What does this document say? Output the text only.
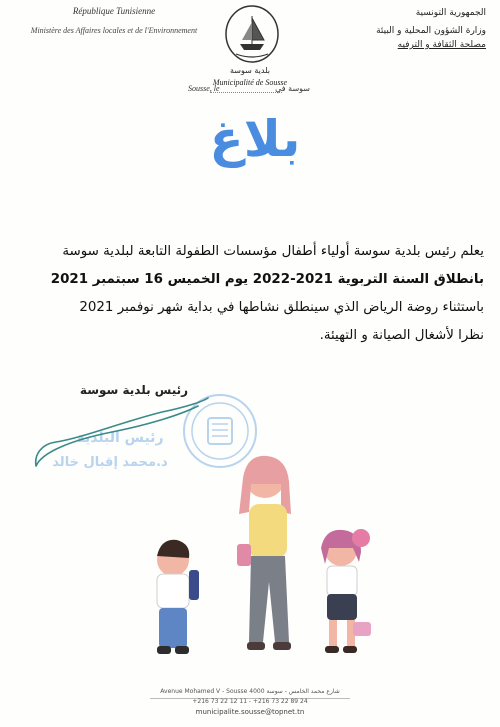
République Tunisienne
Ministère des Affaires locales et de l'Environnement
بلدية سوسة
Municipalité de Sousse
الجمهورية التونسية
وزارة الشؤون المحلية و البيئة
مصلحة الثقافة و الترفيه
Sousse, le	سوسة في
بلاغ
يعلم رئيس بلدية سوسة أولياء أطفال مؤسسات الطفولة التابعة لبلدية سوسة
بانطلاق السنة التربوية 2021-2022 يوم الخميس 16 سبتمبر 2021
باستثناء روضة الرياض الذي سينطلق نشاطها في بداية شهر نوفمبر 2021
نظرا لأشغال الصيانة و التهيئة.
رئيس بلدية سوسة
رئيس البلدية
د.محمد إقبال خالد
Avenue Mohamed V - Sousse 4000 شارع محمد الخامس - سوسة
+216 73 22 12 11 - +216 73 22 89 24
municipalite.sousse@topnet.tn
